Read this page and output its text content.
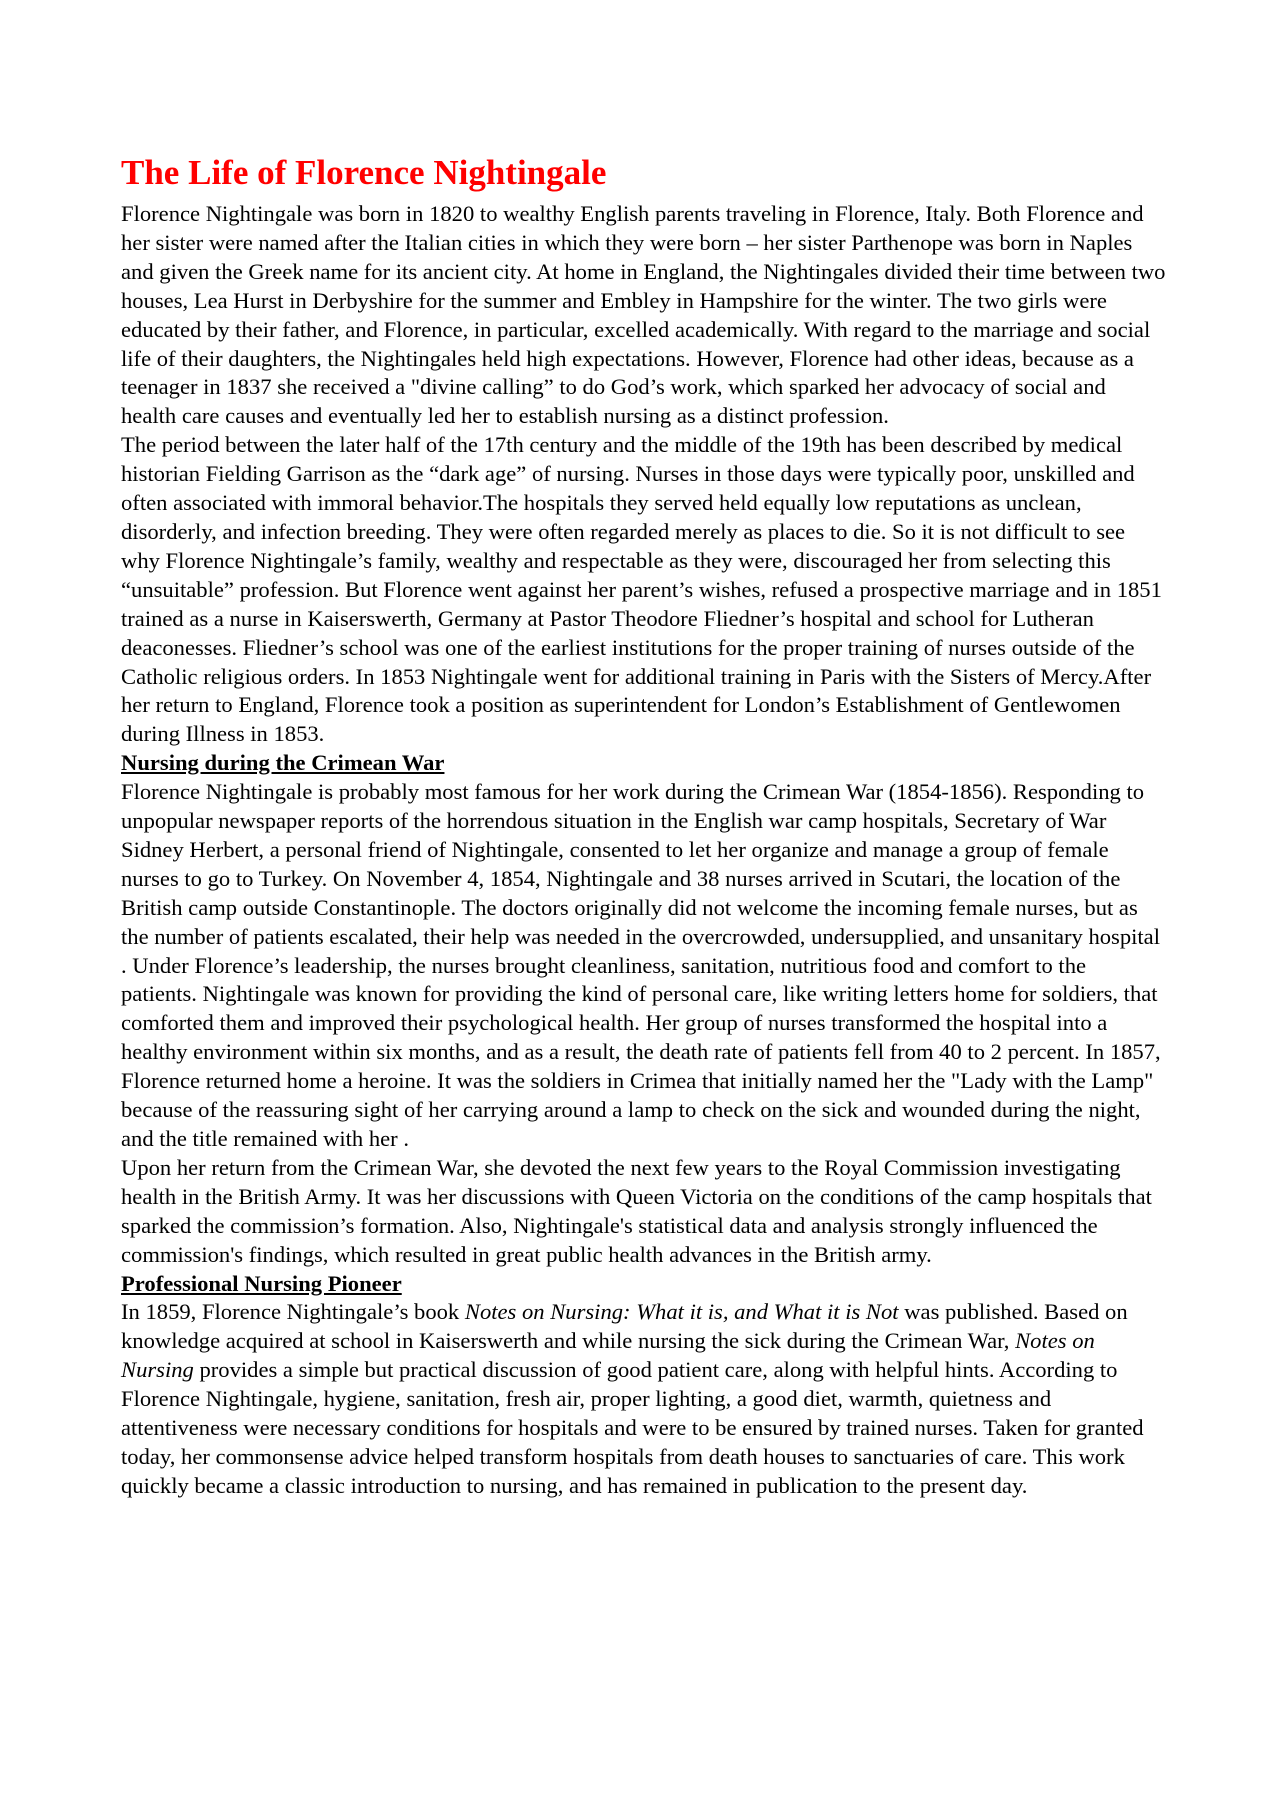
The Life of Florence Nightingale

Florence Nightingale was born in 1820 to wealthy English parents traveling in Florence, Italy. Both Florence and her sister were named after the Italian cities in which they were born – her sister Parthenope was born in Naples and given the Greek name for its ancient city. At home in England, the Nightingales divided their time between two houses, Lea Hurst in Derbyshire for the summer and Embley in Hampshire for the winter. The two girls were educated by their father, and Florence, in particular, excelled academically. With regard to the marriage and social life of their daughters, the Nightingales held high expectations. However, Florence had other ideas, because as a teenager in 1837 she received a "divine calling” to do God’s work, which sparked her advocacy of social and health care causes and eventually led her to establish nursing as a distinct profession.

The period between the later half of the 17th century and the middle of the 19th has been described by medical historian Fielding Garrison as the “dark age” of nursing. Nurses in those days were typically poor, unskilled and often associated with immoral behavior.The hospitals they served held equally low reputations as unclean, disorderly, and infection breeding. They were often regarded merely as places to die. So it is not difficult to see why Florence Nightingale’s family, wealthy and respectable as they were, discouraged her from selecting this “unsuitable” profession. But Florence went against her parent’s wishes, refused a prospective marriage and in 1851 trained as a nurse in Kaiserswerth, Germany at Pastor Theodore Fliedner’s hospital and school for Lutheran deaconesses. Fliedner’s school was one of the earliest institutions for the proper training of nurses outside of the Catholic religious orders. In 1853 Nightingale went for additional training in Paris with the Sisters of Mercy.After her return to England, Florence took a position as superintendent for London’s Establishment of Gentlewomen during Illness in 1853.

Nursing during the Crimean War

Florence Nightingale is probably most famous for her work during the Crimean War (1854-1856). Responding to unpopular newspaper reports of the horrendous situation in the English war camp hospitals, Secretary of War Sidney Herbert, a personal friend of Nightingale, consented to let her organize and manage a group of female nurses to go to Turkey. On November 4, 1854, Nightingale and 38 nurses arrived in Scutari, the location of the British camp outside Constantinople. The doctors originally did not welcome the incoming female nurses, but as the number of patients escalated, their help was needed in the overcrowded, undersupplied, and unsanitary hospital . Under Florence’s leadership, the nurses brought cleanliness, sanitation, nutritious food and comfort to the patients. Nightingale was known for providing the kind of personal care, like writing letters home for soldiers, that comforted them and improved their psychological health. Her group of nurses transformed the hospital into a healthy environment within six months, and as a result, the death rate of patients fell from 40 to 2 percent. In 1857, Florence returned home a heroine. It was the soldiers in Crimea that initially named her the "Lady with the Lamp" because of the reassuring sight of her carrying around a lamp to check on the sick and wounded during the night, and the title remained with her .

Upon her return from the Crimean War, she devoted the next few years to the Royal Commission investigating health in the British Army. It was her discussions with Queen Victoria on the conditions of the camp hospitals that sparked the commission’s formation. Also, Nightingale's statistical data and analysis strongly influenced the commission's findings, which resulted in great public health advances in the British army.

Professional Nursing Pioneer

In 1859, Florence Nightingale’s book Notes on Nursing: What it is, and What it is Not was published. Based on knowledge acquired at school in Kaiserswerth and while nursing the sick during the Crimean War, Notes on Nursing provides a simple but practical discussion of good patient care, along with helpful hints. According to Florence Nightingale, hygiene, sanitation, fresh air, proper lighting, a good diet, warmth, quietness and attentiveness were necessary conditions for hospitals and were to be ensured by trained nurses. Taken for granted today, her commonsense advice helped transform hospitals from death houses to sanctuaries of care. This work quickly became a classic introduction to nursing, and has remained in publication to the present day.
